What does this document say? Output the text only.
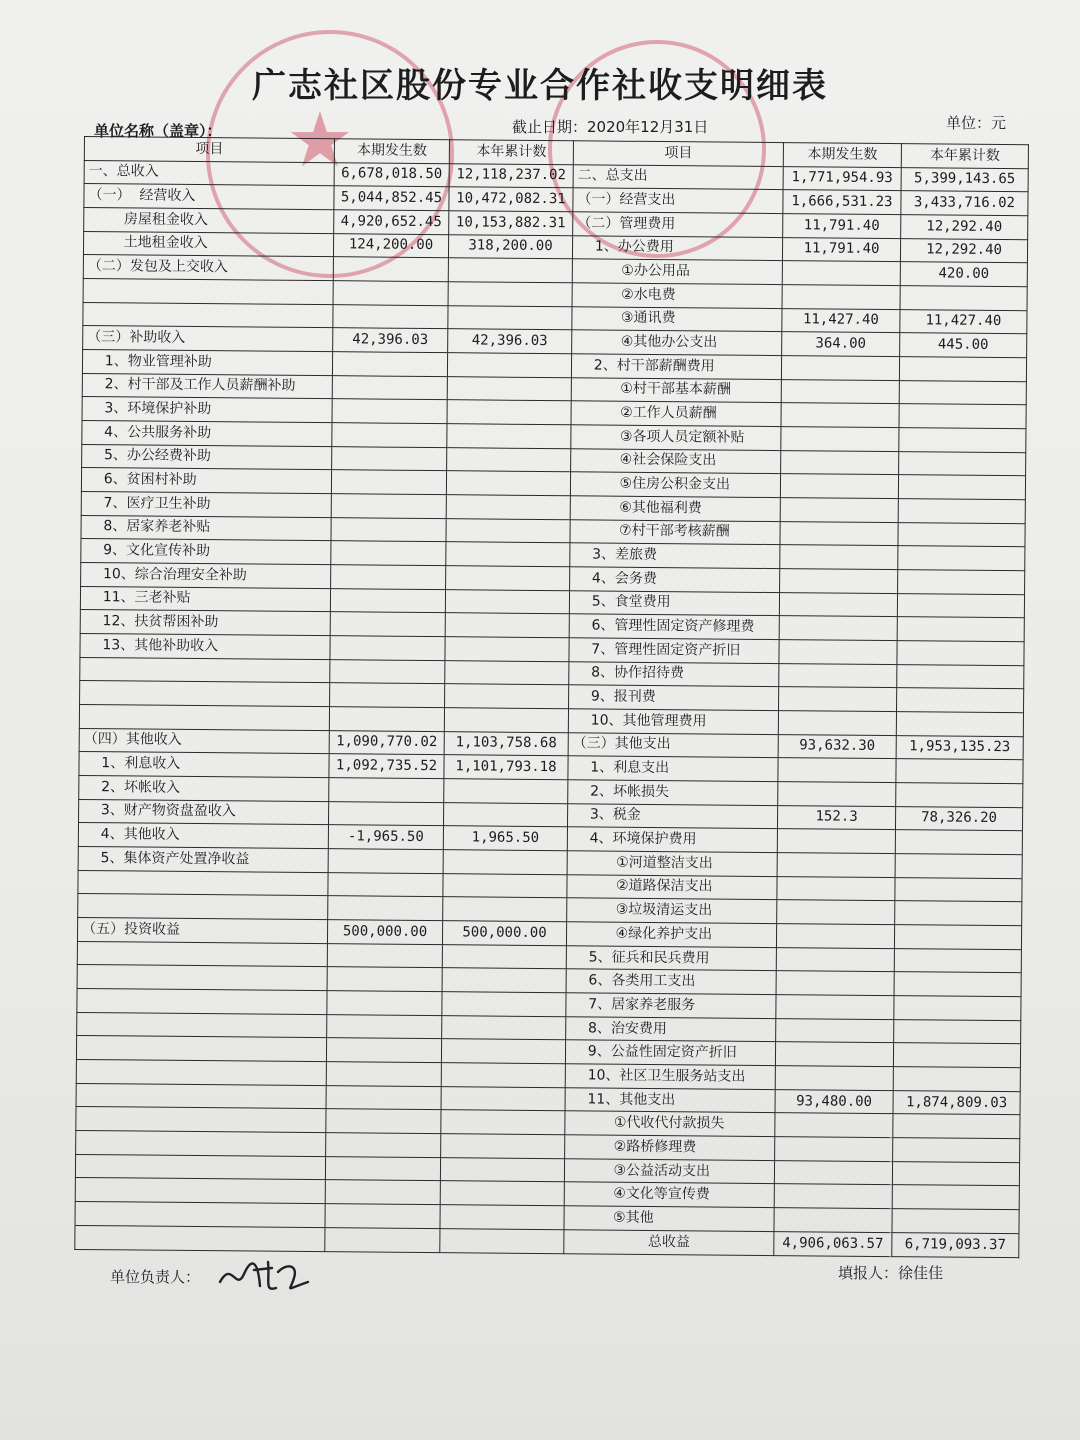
★
广志社区股份专业合作社收支明细表
单位名称（盖章）：	截止日期：2020年12月31日	单位：元
项目	本期发生数	本年累计数	项目	本期发生数	本年累计数
一、总收入	6,678,018.50	12,118,237.02	二、总支出	1,771,954.93	5,399,143.65
（一）  经营收入	5,044,852.45	10,472,082.31	（一）经营支出	1,666,531.23	3,433,716.02
房屋租金收入	4,920,652.45	10,153,882.31	（二）管理费用	11,791.40	12,292.40
土地租金收入	124,200.00	318,200.00	1、办公费用	11,791.40	12,292.40
（二）发包及上交收入			①办公用品		420.00
			②水电费		
			③通讯费	11,427.40	11,427.40
（三）补助收入	42,396.03	42,396.03	④其他办公支出	364.00	445.00
1、物业管理补助			2、村干部薪酬费用		
2、村干部及工作人员薪酬补助			①村干部基本薪酬		
3、环境保护补助			②工作人员薪酬		
4、公共服务补助			③各项人员定额补贴		
5、办公经费补助			④社会保险支出		
6、贫困村补助			⑤住房公积金支出		
7、医疗卫生补助			⑥其他福利费		
8、居家养老补贴			⑦村干部考核薪酬		
9、文化宣传补助			3、差旅费		
10、综合治理安全补助			4、会务费		
11、三老补贴			5、食堂费用		
12、扶贫帮困补助			6、管理性固定资产修理费		
13、其他补助收入			7、管理性固定资产折旧		
			8、协作招待费		
			9、报刊费		
			10、其他管理费用		
（四）其他收入	1,090,770.02	1,103,758.68	（三）其他支出	93,632.30	1,953,135.23
1、利息收入	1,092,735.52	1,101,793.18	1、利息支出		
2、坏帐收入			2、坏帐损失		
3、财产物资盘盈收入			3、税金	152.3	78,326.20
4、其他收入	-1,965.50	1,965.50	4、环境保护费用		
5、集体资产处置净收益			①河道整洁支出		
			②道路保洁支出		
			③垃圾清运支出		
（五）投资收益	500,000.00	500,000.00	④绿化养护支出		
			5、征兵和民兵费用		
			6、各类用工支出		
			7、居家养老服务		
			8、治安费用		
			9、公益性固定资产折旧		
			10、社区卫生服务站支出		
			11、其他支出	93,480.00	1,874,809.03
			①代收代付款损失		
			②路桥修理费		
			③公益活动支出		
			④文化等宣传费		
			⑤其他		
			总收益	4,906,063.57	6,719,093.37
单位负责人：	填报人：徐佳佳
